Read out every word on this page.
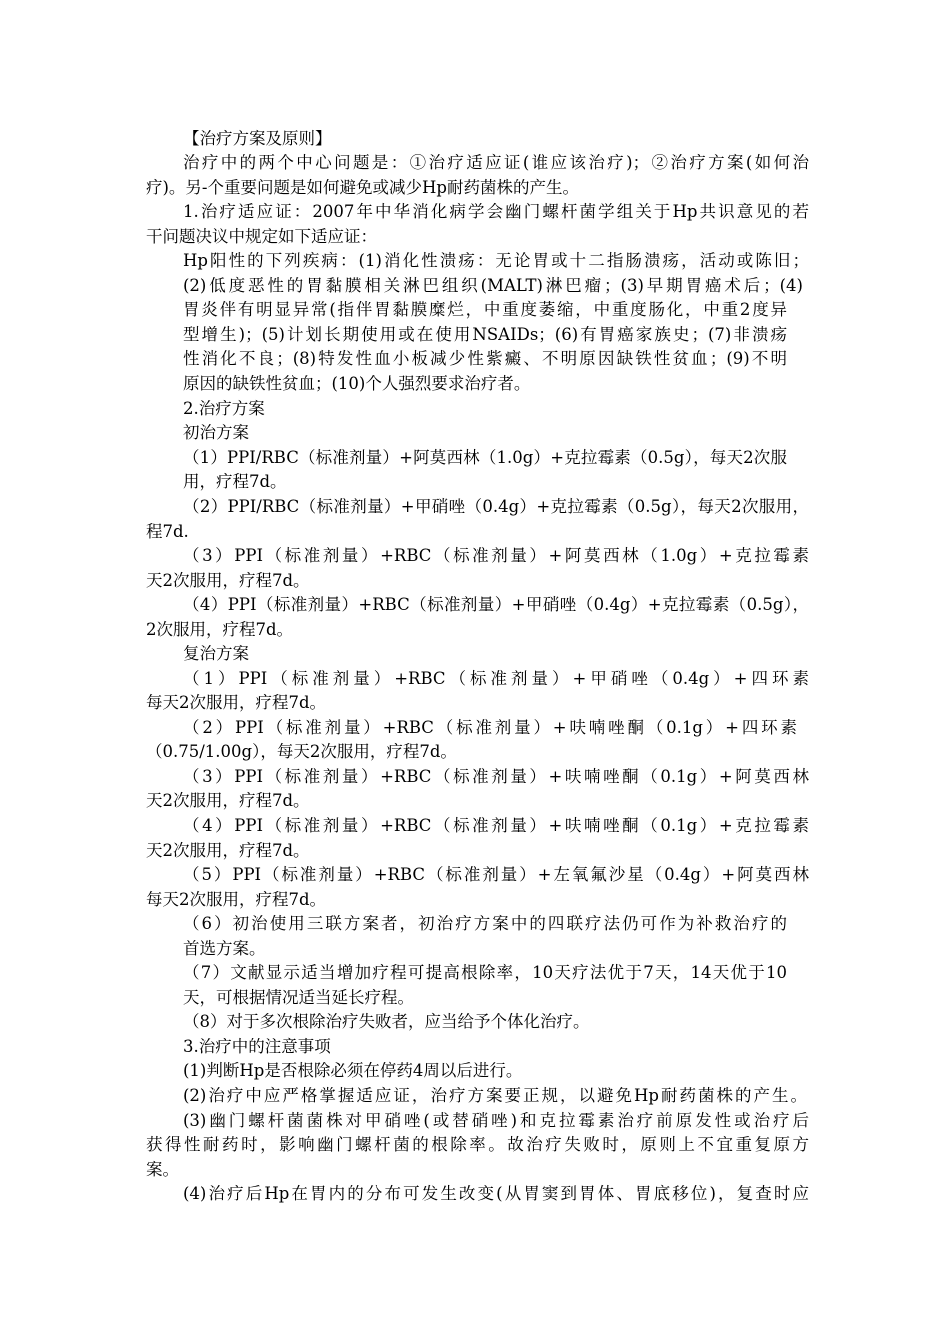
【治疗方案及原则】
治疗中的两个中心问题是：①治疗适应证(谁应该治疗)；②治疗方案(如何治
疗)。另-个重要问题是如何避免或减少Hp耐药菌株的产生。
1.治疗适应证：2007年中华消化病学会幽门螺杆菌学组关于Hp共识意见的若
干问题决议中规定如下适应证：
Hp阳性的下列疾病：(1)消化性溃疡：无论胃或十二指肠溃疡，活动或陈旧；
(2)低度恶性的胃黏膜相关淋巴组织(MALT)淋巴瘤；(3)早期胃癌术后；(4)
胃炎伴有明显异常(指伴胃黏膜糜烂，中重度萎缩，中重度肠化，中重2度异
型增生)；(5)计划长期使用或在使用NSAIDs；(6)有胃癌家族史；(7)非溃疡
性消化不良；(8)特发性血小板减少性紫癜、不明原因缺铁性贫血；(9)不明
原因的缺铁性贫血；(10)个人强烈要求治疗者。
2.治疗方案
初治方案
（1）PPI/RBC（标准剂量）+阿莫西林（1.0g）+克拉霉素（0.5g），每天2次服
用，疗程7d。
（2）PPI/RBC（标准剂量）+甲硝唑（0.4g）+克拉霉素（0.5g），每天2次服用，
程7d.
（3）PPI（标准剂量）+RBC（标准剂量）+阿莫西林（1.0g）+克拉霉素
天2次服用，疗程7d。
（4）PPI（标准剂量）+RBC（标准剂量）+甲硝唑（0.4g）+克拉霉素（0.5g），
2次服用，疗程7d。
复治方案
（1）PPI（标准剂量）+RBC（标准剂量）+甲硝唑（0.4g）+四环素
每天2次服用，疗程7d。
（2）PPI（标准剂量）+RBC（标准剂量）+呋喃唑酮（0.1g）+四环素
（0.75/1.00g），每天2次服用，疗程7d。
（3）PPI（标准剂量）+RBC（标准剂量）+呋喃唑酮（0.1g）+阿莫西林
天2次服用，疗程7d。
（4）PPI（标准剂量）+RBC（标准剂量）+呋喃唑酮（0.1g）+克拉霉素
天2次服用，疗程7d。
（5）PPI（标准剂量）+RBC（标准剂量）+左氧氟沙星（0.4g）+阿莫西林
每天2次服用，疗程7d。
（6）初治使用三联方案者，初治疗方案中的四联疗法仍可作为补救治疗的
首选方案。
（7）文献显示适当增加疗程可提高根除率，10天疗法优于7天，14天优于10
天，可根据情况适当延长疗程。
（8）对于多次根除治疗失败者，应当给予个体化治疗。
3.治疗中的注意事项
(1)判断Hp是否根除必须在停药4周以后进行。
(2)治疗中应严格掌握适应证，治疗方案要正规，以避免Hp耐药菌株的产生。
(3)幽门螺杆菌菌株对甲硝唑(或替硝唑)和克拉霉素治疗前原发性或治疗后
获得性耐药时，影响幽门螺杆菌的根除率。故治疗失败时，原则上不宜重复原方
案。
(4)治疗后Hp在胃内的分布可发生改变(从胃窦到胃体、胃底移位)，复查时应
